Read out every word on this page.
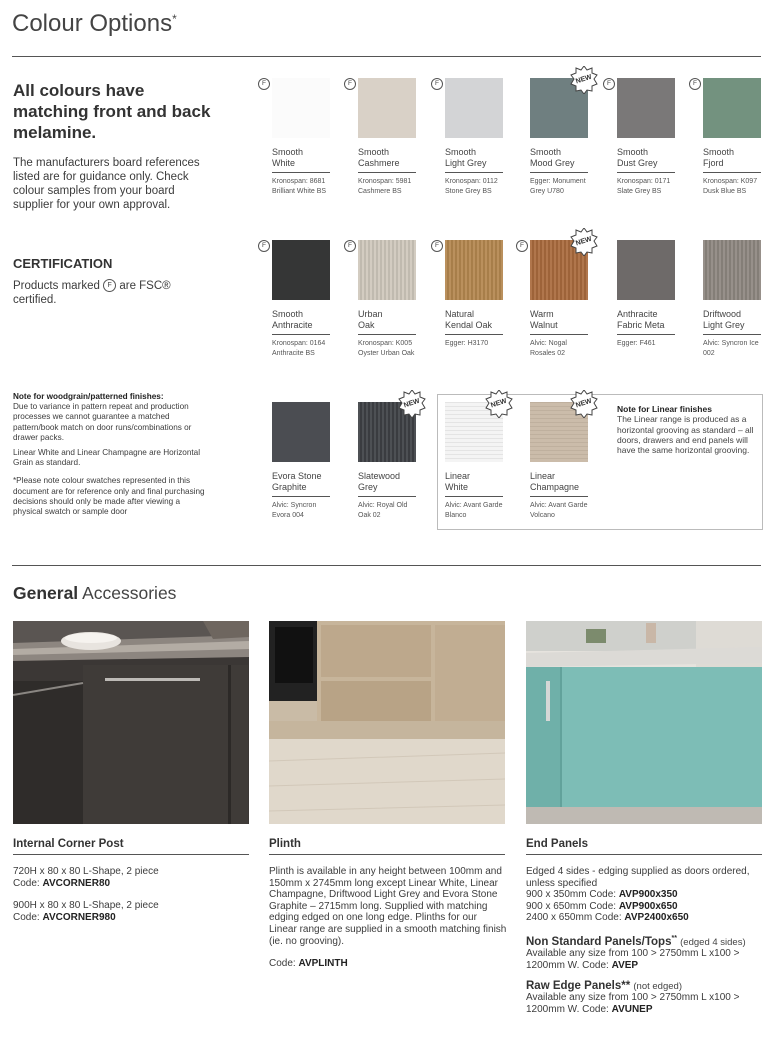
Colour Options*
All colours have matching front and back melamine.
The manufacturers board references listed are for guidance only. Check colour samples from your board supplier for your own approval.
CERTIFICATION
Products marked F are FSC® certified.
Note for woodgrain/patterned finishes:
Due to variance in pattern repeat and production processes we cannot guarantee a matched pattern/book match on door runs/combinations or drawer packs.
Linear White and Linear Champagne are Horizontal Grain as standard.
*Please note colour swatches represented in this document are for reference only and final purchasing decisions should only be made after viewing a physical swatch or sample door
Note for Linear finishes
The Linear range is produced as a horizontal grooving as standard – all doors, drawers and end panels will have the same horizontal grooving.
Smooth
White
Kronospan: 8681 Brilliant White BS
F
Smooth
Cashmere
Kronospan: 5981 Cashmere BS
F
Smooth
Light Grey
Kronospan: 0112 Stone Grey BS
F
Smooth
Mood Grey
Egger: Monument Grey U780
NEW
Smooth
Dust Grey
Kronospan: 0171 Slate Grey BS
F
Smooth
Fjord
Kronospan: K097 Dusk Blue BS
F
Smooth
Anthracite
Kronospan: 0164 Anthracite BS
F
Urban
Oak
Kronospan: K005 Oyster Urban Oak
F
Natural
Kendal Oak
Egger: H3170
F
Warm
Walnut
Alvic: Nogal Rosales 02
F	NEW
Anthracite
Fabric Meta
Egger: F461
Driftwood
Light Grey
Alvic: Syncron Ice 002
Evora Stone
Graphite
Alvic: Syncron Evora 004
Slatewood
Grey
Alvic: Royal Old Oak 02
NEW
Linear
White
Alvic: Avant Garde Blanco
NEW
Linear
Champagne
Alvic: Avant Garde Volcano
NEW
General Accessories
Internal Corner Post
720H x 80 x 80 L-Shape, 2 piece
Code: AVCORNER80
900H x 80 x 80 L-Shape, 2 piece
Code: AVCORNER980
Plinth
Plinth is available in any height between 100mm and 150mm x 2745mm long except Linear White, Linear Champagne, Driftwood Light Grey and Evora Stone Graphite – 2715mm long. Supplied with matching edging edged on one long edge. Plinths for our Linear range are supplied in a smooth matching finish (ie. no grooving).
Code: AVPLINTH
End Panels
Edged 4 sides - edging supplied as doors ordered, unless specified
900 x 350mm Code: AVP900x350
900 x 650mm Code: AVP900x650
2400 x 650mm Code: AVP2400x650
Non Standard Panels/Tops** (edged 4 sides)
Available any size from 100 > 2750mm L x100 > 1200mm W. Code: AVEP
Raw Edge Panels** (not edged)
Available any size from 100 > 2750mm L x100 > 1200mm W. Code: AVUNEP
